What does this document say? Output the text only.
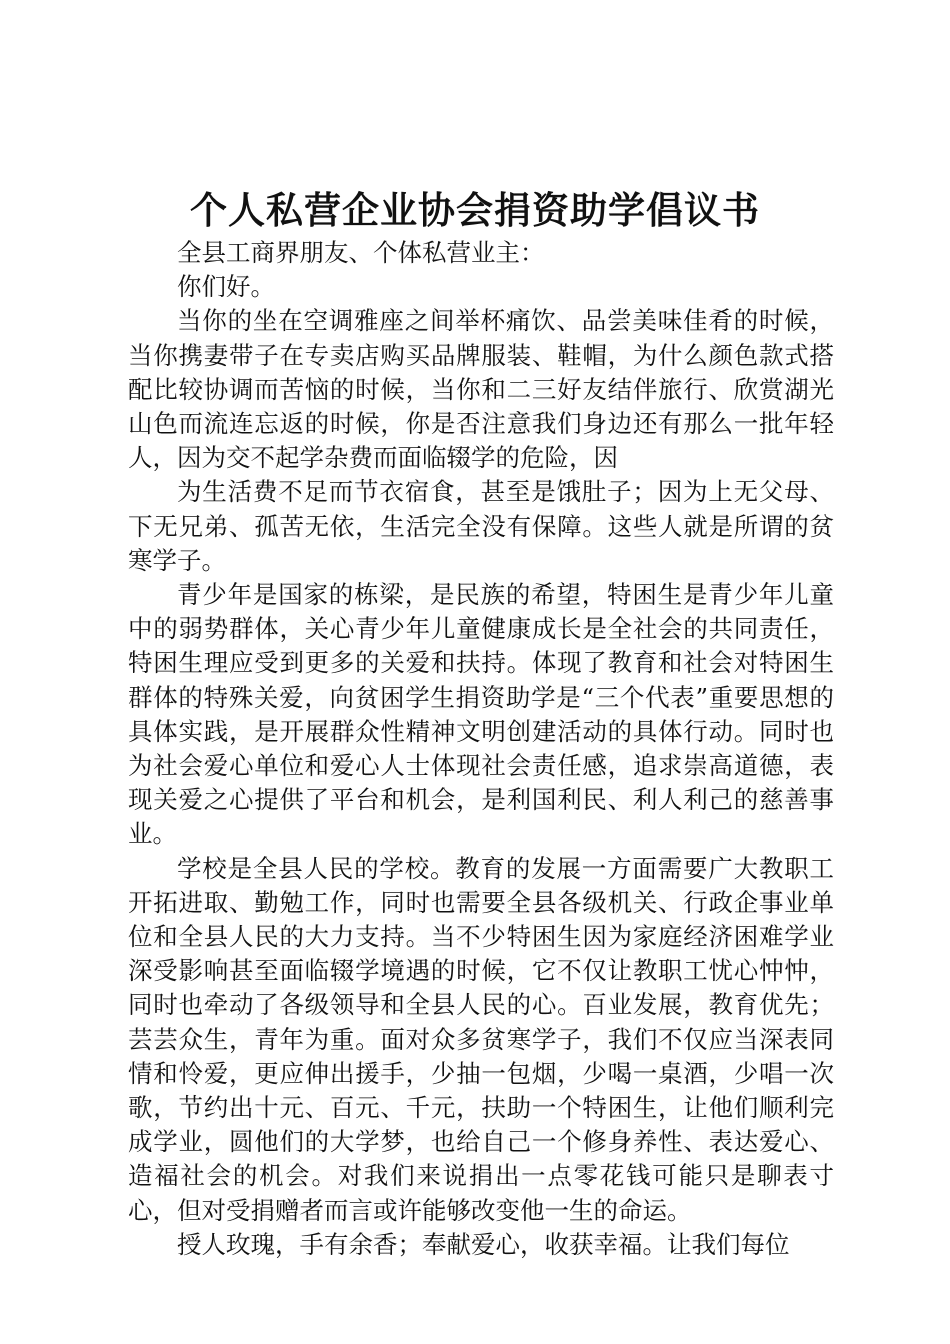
个人私营企业协会捐资助学倡议书

全县工商界朋友、个体私营业主：

你们好。

当你的坐在空调雅座之间举杯痛饮、品尝美味佳肴的时候，当你携妻带子在专卖店购买品牌服装、鞋帽，为什么颜色款式搭配比较协调而苦恼的时候，当你和二三好友结伴旅行、欣赏湖光山色而流连忘返的时候，你是否注意我们身边还有那么一批年轻人，因为交不起学杂费而面临辍学的危险，因

为生活费不足而节衣宿食，甚至是饿肚子；因为上无父母、下无兄弟、孤苦无依，生活完全没有保障。这些人就是所谓的贫寒学子。

青少年是国家的栋梁，是民族的希望，特困生是青少年儿童中的弱势群体，关心青少年儿童健康成长是全社会的共同责任，特困生理应受到更多的关爱和扶持。体现了教育和社会对特困生群体的特殊关爱，向贫困学生捐资助学是“三个代表”重要思想的具体实践，是开展群众性精神文明创建活动的具体行动。同时也为社会爱心单位和爱心人士体现社会责任感，追求崇高道德，表现关爱之心提供了平台和机会，是利国利民、利人利己的慈善事业。

学校是全县人民的学校。教育的发展一方面需要广大教职工开拓进取、勤勉工作，同时也需要全县各级机关、行政企事业单位和全县人民的大力支持。当不少特困生因为家庭经济困难学业深受影响甚至面临辍学境遇的时候，它不仅让教职工忧心忡忡，同时也牵动了各级领导和全县人民的心。百业发展，教育优先；芸芸众生，青年为重。面对众多贫寒学子，我们不仅应当深表同情和怜爱，更应伸出援手，少抽一包烟，少喝一桌酒，少唱一次歌，节约出十元、百元、千元，扶助一个特困生，让他们顺利完成学业，圆他们的大学梦，也给自己一个修身养性、表达爱心、造福社会的机会。对我们来说捐出一点零花钱可能只是聊表寸心，但对受捐赠者而言或许能够改变他一生的命运。

授人玫瑰，手有余香；奉献爱心，收获幸福。让我们每位
